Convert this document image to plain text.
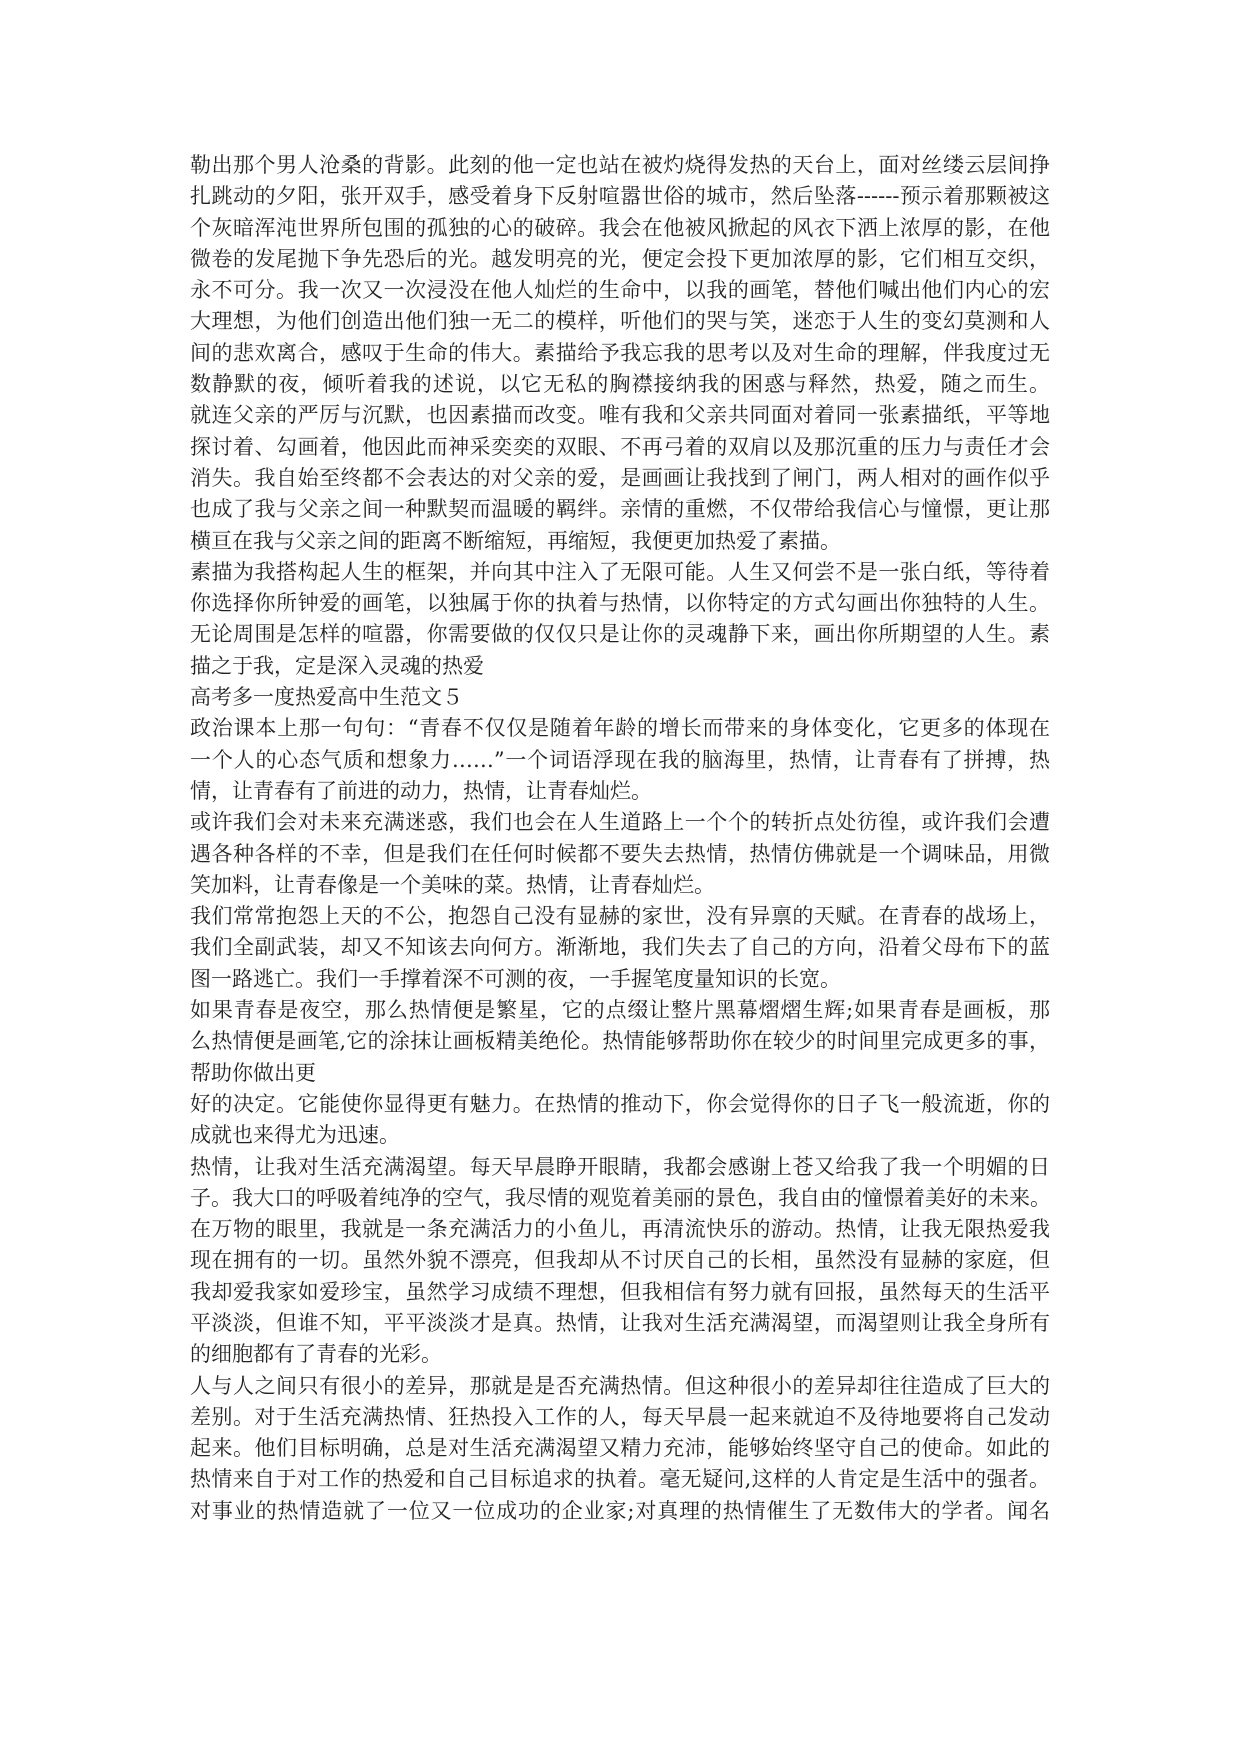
勒出那个男人沧桑的背影。此刻的他一定也站在被灼烧得发热的天台上，面对丝缕云层间挣
扎跳动的夕阳，张开双手，感受着身下反射喧嚣世俗的城市，然后坠落------预示着那颗被这
个灰暗浑沌世界所包围的孤独的心的破碎。我会在他被风掀起的风衣下洒上浓厚的影，在他
微卷的发尾抛下争先恐后的光。越发明亮的光，便定会投下更加浓厚的影，它们相互交织，
永不可分。我一次又一次浸没在他人灿烂的生命中，以我的画笔，替他们喊出他们内心的宏
大理想，为他们创造出他们独一无二的模样，听他们的哭与笑，迷恋于人生的变幻莫测和人
间的悲欢离合，感叹于生命的伟大。素描给予我忘我的思考以及对生命的理解，伴我度过无
数静默的夜，倾听着我的述说，以它无私的胸襟接纳我的困惑与释然，热爱，随之而生。
就连父亲的严厉与沉默，也因素描而改变。唯有我和父亲共同面对着同一张素描纸，平等地
探讨着、勾画着，他因此而神采奕奕的双眼、不再弓着的双肩以及那沉重的压力与责任才会
消失。我自始至终都不会表达的对父亲的爱，是画画让我找到了闸门，两人相对的画作似乎
也成了我与父亲之间一种默契而温暖的羁绊。亲情的重燃，不仅带给我信心与憧憬，更让那
横亘在我与父亲之间的距离不断缩短，再缩短，我便更加热爱了素描。
素描为我搭构起人生的框架，并向其中注入了无限可能。人生又何尝不是一张白纸，等待着
你选择你所钟爱的画笔，以独属于你的执着与热情，以你特定的方式勾画出你独特的人生。
无论周围是怎样的喧嚣，你需要做的仅仅只是让你的灵魂静下来，画出你所期望的人生。素
描之于我，定是深入灵魂的热爱
高考多一度热爱高中生范文５
政治课本上那一句句：“青春不仅仅是随着年龄的增长而带来的身体变化，它更多的体现在
一个人的心态气质和想象力……”一个词语浮现在我的脑海里，热情，让青春有了拼搏，热
情，让青春有了前进的动力，热情，让青春灿烂。
或许我们会对未来充满迷惑，我们也会在人生道路上一个个的转折点处彷徨，或许我们会遭
遇各种各样的不幸，但是我们在任何时候都不要失去热情，热情仿佛就是一个调味品，用微
笑加料，让青春像是一个美味的菜。热情，让青春灿烂。
我们常常抱怨上天的不公，抱怨自己没有显赫的家世，没有异禀的天赋。在青春的战场上，
我们全副武装，却又不知该去向何方。渐渐地，我们失去了自己的方向，沿着父母布下的蓝
图一路逃亡。我们一手撑着深不可测的夜，一手握笔度量知识的长宽。
如果青春是夜空，那么热情便是繁星，它的点缀让整片黑幕熠熠生辉;如果青春是画板，那
么热情便是画笔,它的涂抹让画板精美绝伦。热情能够帮助你在较少的时间里完成更多的事，
帮助你做出更
好的决定。它能使你显得更有魅力。在热情的推动下，你会觉得你的日子飞一般流逝，你的
成就也来得尤为迅速。
热情，让我对生活充满渴望。每天早晨睁开眼睛，我都会感谢上苍又给我了我一个明媚的日
子。我大口的呼吸着纯净的空气，我尽情的观览着美丽的景色，我自由的憧憬着美好的未来。
在万物的眼里，我就是一条充满活力的小鱼儿，再清流快乐的游动。热情，让我无限热爱我
现在拥有的一切。虽然外貌不漂亮，但我却从不讨厌自己的长相，虽然没有显赫的家庭，但
我却爱我家如爱珍宝，虽然学习成绩不理想，但我相信有努力就有回报，虽然每天的生活平
平淡淡，但谁不知，平平淡淡才是真。热情，让我对生活充满渴望，而渴望则让我全身所有
的细胞都有了青春的光彩。
人与人之间只有很小的差异，那就是是否充满热情。但这种很小的差异却往往造成了巨大的
差别。对于生活充满热情、狂热投入工作的人，每天早晨一起来就迫不及待地要将自己发动
起来。他们目标明确，总是对生活充满渴望又精力充沛，能够始终坚守自己的使命。如此的
热情来自于对工作的热爱和自己目标追求的执着。毫无疑问,这样的人肯定是生活中的强者。
对事业的热情造就了一位又一位成功的企业家;对真理的热情催生了无数伟大的学者。闻名
